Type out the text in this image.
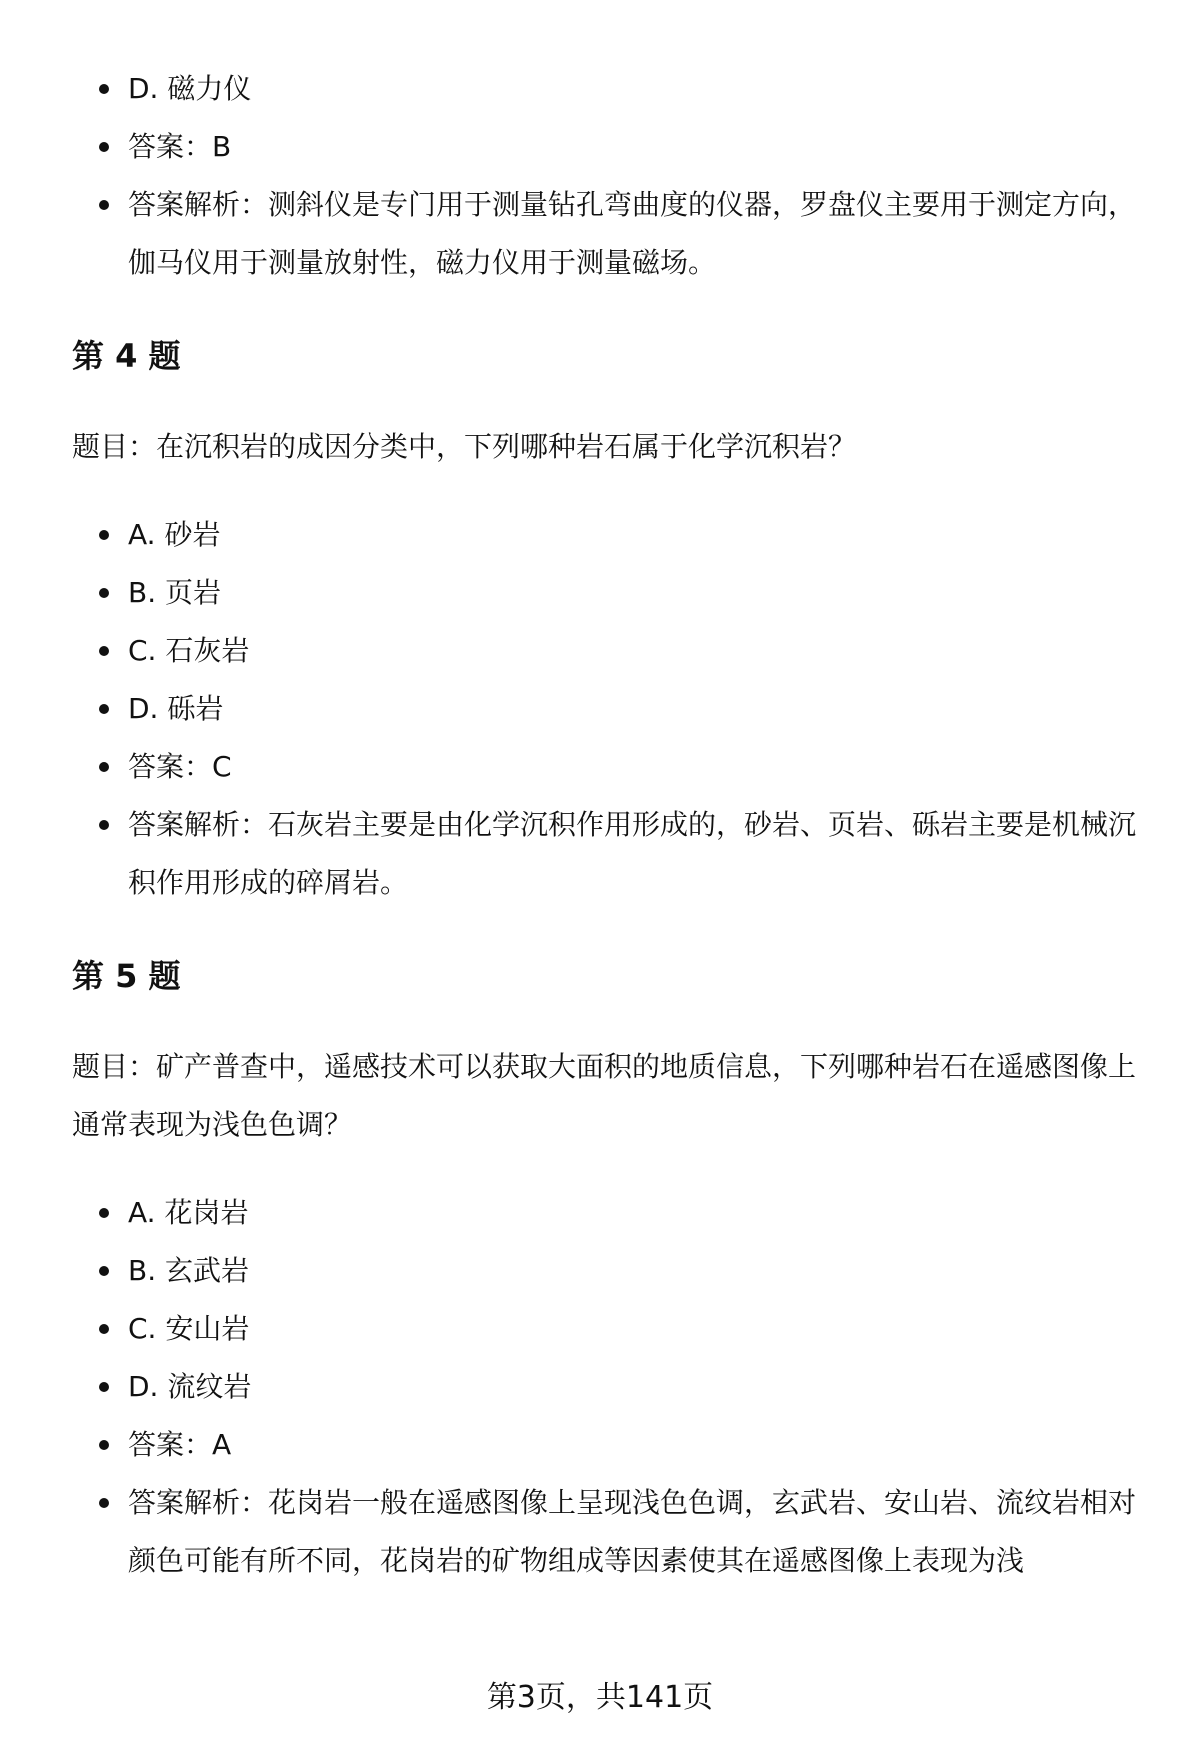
D. 磁力仪
答案：B
答案解析：测斜仪是专门用于测量钻孔弯曲度的仪器，罗盘仪主要用于测定方向，伽马仪用于测量放射性，磁力仪用于测量磁场。
第 4 题
题目：在沉积岩的成因分类中，下列哪种岩石属于化学沉积岩？
A. 砂岩
B. 页岩
C. 石灰岩
D. 砾岩
答案：C
答案解析：石灰岩主要是由化学沉积作用形成的，砂岩、页岩、砾岩主要是机械沉积作用形成的碎屑岩。
第 5 题
题目：矿产普查中，遥感技术可以获取大面积的地质信息，下列哪种岩石在遥感图像上通常表现为浅色色调？
A. 花岗岩
B. 玄武岩
C. 安山岩
D. 流纹岩
答案：A
答案解析：花岗岩一般在遥感图像上呈现浅色色调，玄武岩、安山岩、流纹岩相对颜色可能有所不同，花岗岩的矿物组成等因素使其在遥感图像上表现为浅
第3页，共141页
